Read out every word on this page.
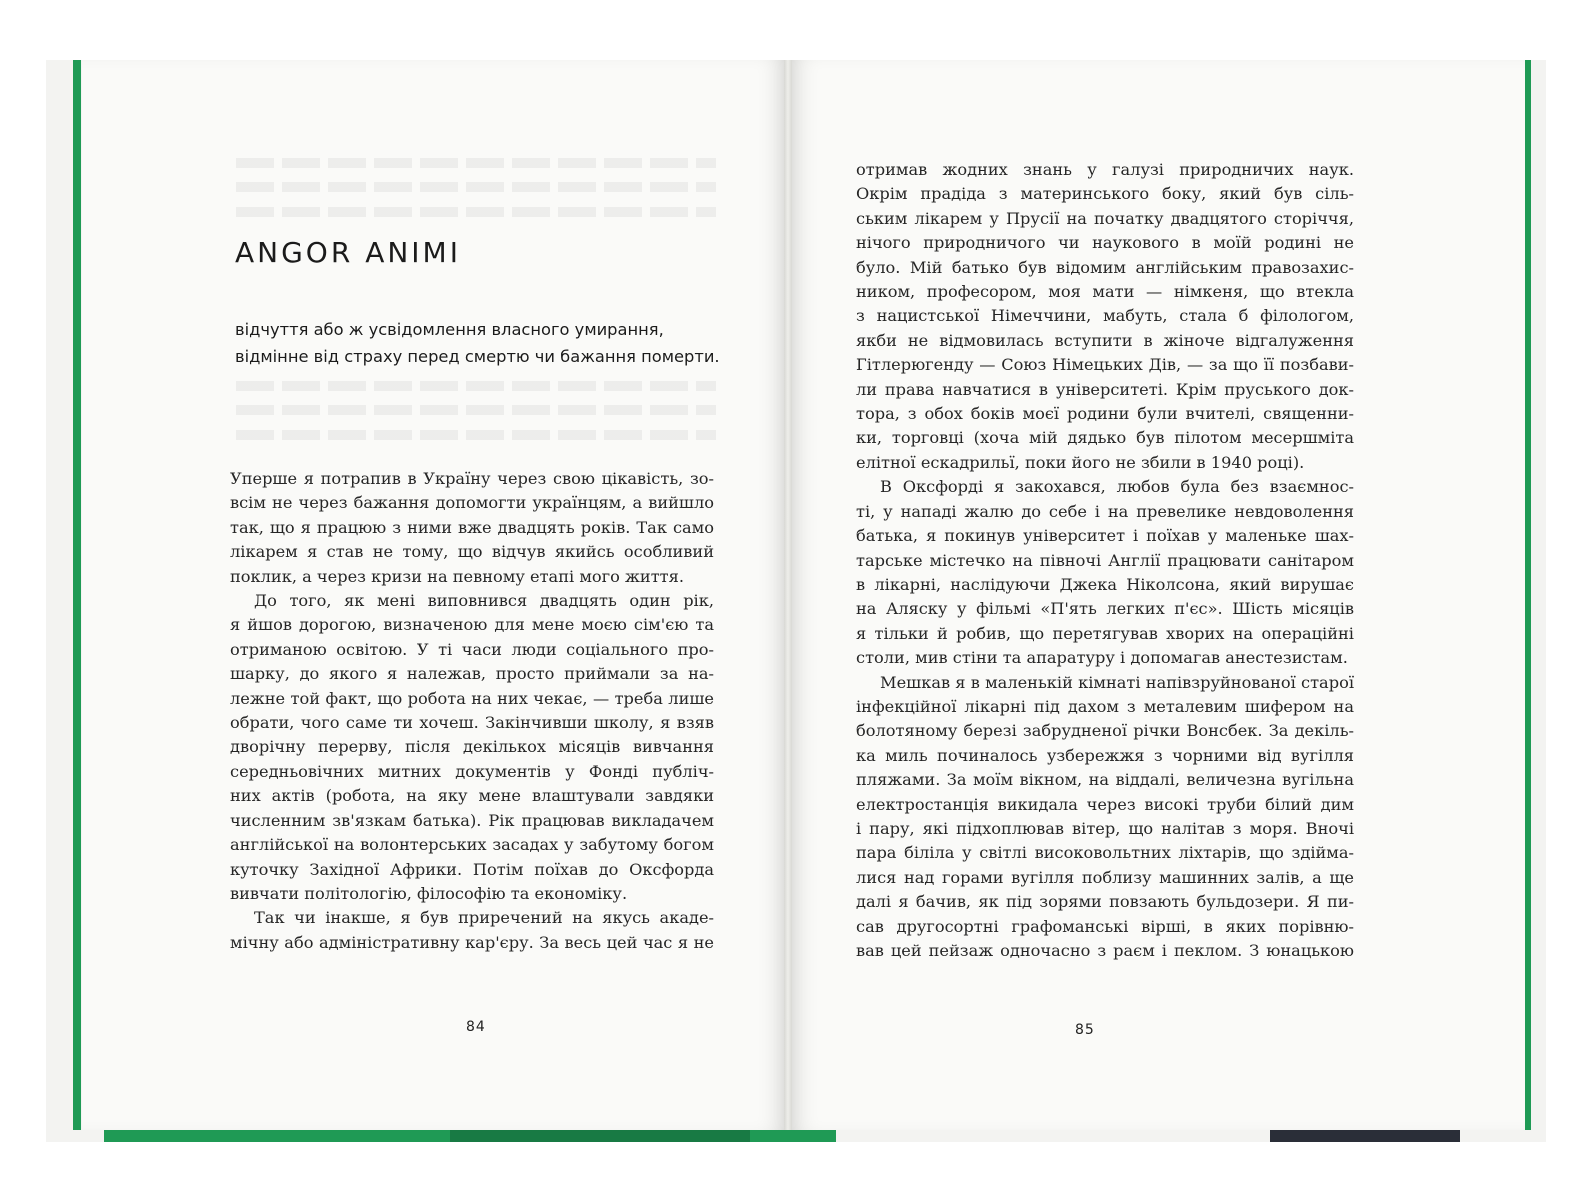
ANGOR ANIMI
відчуття або ж усвідомлення власного умирання,
відмінне від страху перед смертю чи бажання померти.
Уперше я потрапив в Україну через свою цікавість, зо-
всім не через бажання допомогти українцям, а вийшло
так, що я працюю з ними вже двадцять років. Так само
лікарем я став не тому, що відчув якийсь особливий
поклик, а через кризи на певному етапі мого життя.
До того, як мені виповнився двадцять один рік,
я йшов дорогою, визначеною для мене моєю сім'єю та
отриманою освітою. У ті часи люди соціального про-
шарку, до якого я належав, просто приймали за на-
лежне той факт, що робота на них чекає, — треба лише
обрати, чого саме ти хочеш. Закінчивши школу, я взяв
дворічну перерву, після декількох місяців вивчання
середньовічних митних документів у Фонді публіч-
них актів (робота, на яку мене влаштували завдяки
численним зв'язкам батька). Рік працював викладачем
англійської на волонтерських засадах у забутому богом
куточку Західної Африки. Потім поїхав до Оксфорда
вивчати політологію, філософію та економіку.
Так чи інакше, я був приречений на якусь акаде-
мічну або адміністративну кар'єру. За весь цей час я не
отримав жодних знань у галузі природничих наук.
Окрім прадіда з материнського боку, який був сіль-
ським лікарем у Прусії на початку двадцятого сторіччя,
нічого природничого чи наукового в моїй родині не
було. Мій батько був відомим англійським правозахис-
ником, професором, моя мати — німкеня, що втекла
з нацистської Німеччини, мабуть, стала б філологом,
якби не відмовилась вступити в жіноче відгалуження
Гітлерюгенду — Союз Німецьких Дів, — за що її позбави-
ли права навчатися в університеті. Крім пруського док-
тора, з обох боків моєї родини були вчителі, священни-
ки, торговці (хоча мій дядько був пілотом месершміта
елітної ескадрильї, поки його не збили в 1940 році).
В Оксфорді я закохався, любов була без взаємнос-
ті, у нападі жалю до себе і на превелике невдоволення
батька, я покинув університет і поїхав у маленьке шах-
тарське містечко на півночі Англії працювати санітаром
в лікарні, наслідуючи Джека Ніколсона, який вирушає
на Аляску у фільмі «П'ять легких п'єс». Шість місяців
я тільки й робив, що перетягував хворих на операційні
столи, мив стіни та апаратуру і допомагав анестезистам.
Мешкав я в маленькій кімнаті напівзруйнованої старої
інфекційної лікарні під дахом з металевим шифером на
болотяному березі забрудненої річки Вонсбек. За декіль-
ка миль починалось узбережжя з чорними від вугілля
пляжами. За моїм вікном, на віддалі, величезна вугільна
електростанція викидала через високі труби білий дим
і пару, які підхоплював вітер, що налітав з моря. Вночі
пара біліла у світлі високовольтних ліхтарів, що здійма-
лися над горами вугілля поблизу машинних залів, а ще
далі я бачив, як під зорями повзають бульдозери. Я пи-
сав другосортні графоманські вірші, в яких порівню-
вав цей пейзаж одночасно з раєм і пеклом. З юнацькою
84	85
